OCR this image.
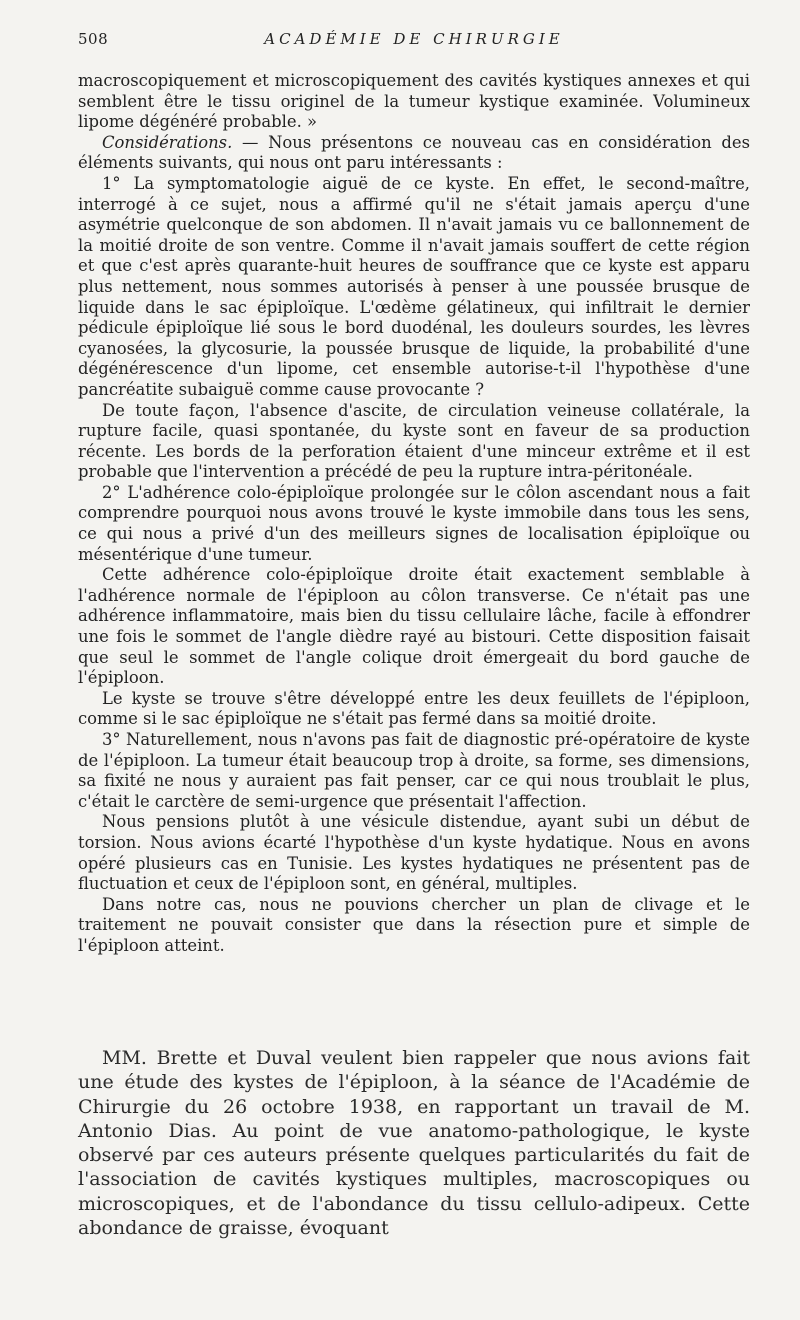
508	ACADÉMIE DE CHIRURGIE

macroscopiquement et microscopiquement des cavités kystiques annexes et qui semblent être le tissu originel de la tumeur kystique examinée. Volumineux lipome dégénéré probable. »

Considérations. — Nous présentons ce nouveau cas en considération des éléments suivants, qui nous ont paru intéressants :

1° La symptomatologie aiguë de ce kyste. En effet, le second-maître, interrogé à ce sujet, nous a affirmé qu'il ne s'était jamais aperçu d'une asymétrie quelconque de son abdomen. Il n'avait jamais vu ce ballonnement de la moitié droite de son ventre. Comme il n'avait jamais souffert de cette région et que c'est après quarante-huit heures de souffrance que ce kyste est apparu plus nettement, nous sommes autorisés à penser à une poussée brusque de liquide dans le sac épiploïque. L'œdème gélatineux, qui infiltrait le dernier pédicule épiploïque lié sous le bord duodénal, les douleurs sourdes, les lèvres cyanosées, la glycosurie, la poussée brusque de liquide, la probabilité d'une dégénérescence d'un lipome, cet ensemble autorise-t-il l'hypothèse d'une pancréatite subaiguë comme cause provocante ?

De toute façon, l'absence d'ascite, de circulation veineuse collatérale, la rupture facile, quasi spontanée, du kyste sont en faveur de sa production récente. Les bords de la perforation étaient d'une minceur extrême et il est probable que l'intervention a précédé de peu la rupture intra-péritonéale.

2° L'adhérence colo-épiploïque prolongée sur le côlon ascendant nous a fait comprendre pourquoi nous avons trouvé le kyste immobile dans tous les sens, ce qui nous a privé d'un des meilleurs signes de localisation épiploïque ou mésentérique d'une tumeur.

Cette adhérence colo-épiploïque droite était exactement semblable à l'adhérence normale de l'épiploon au côlon transverse. Ce n'était pas une adhérence inflammatoire, mais bien du tissu cellulaire lâche, facile à effondrer une fois le sommet de l'angle dièdre rayé au bistouri. Cette disposition faisait que seul le sommet de l'angle colique droit émergeait du bord gauche de l'épiploon.

Le kyste se trouve s'être développé entre les deux feuillets de l'épiploon, comme si le sac épiploïque ne s'était pas fermé dans sa moitié droite.

3° Naturellement, nous n'avons pas fait de diagnostic pré-opératoire de kyste de l'épiploon. La tumeur était beaucoup trop à droite, sa forme, ses dimensions, sa fixité ne nous y auraient pas fait penser, car ce qui nous troublait le plus, c'était le carctère de semi-urgence que présentait l'affection.

Nous pensions plutôt à une vésicule distendue, ayant subi un début de torsion. Nous avions écarté l'hypothèse d'un kyste hydatique. Nous en avons opéré plusieurs cas en Tunisie. Les kystes hydatiques ne présentent pas de fluctuation et ceux de l'épiploon sont, en général, multiples.

Dans notre cas, nous ne pouvions chercher un plan de clivage et le traitement ne pouvait consister que dans la résection pure et simple de l'épiploon atteint.

MM. Brette et Duval veulent bien rappeler que nous avions fait une étude des kystes de l'épiploon, à la séance de l'Académie de Chirurgie du 26 octobre 1938, en rapportant un travail de M. Antonio Dias. Au point de vue anatomo-pathologique, le kyste observé par ces auteurs présente quelques particularités du fait de l'association de cavités kystiques multiples, macroscopiques ou microscopiques, et de l'abondance du tissu cellulo-adipeux. Cette abondance de graisse, évoquant
